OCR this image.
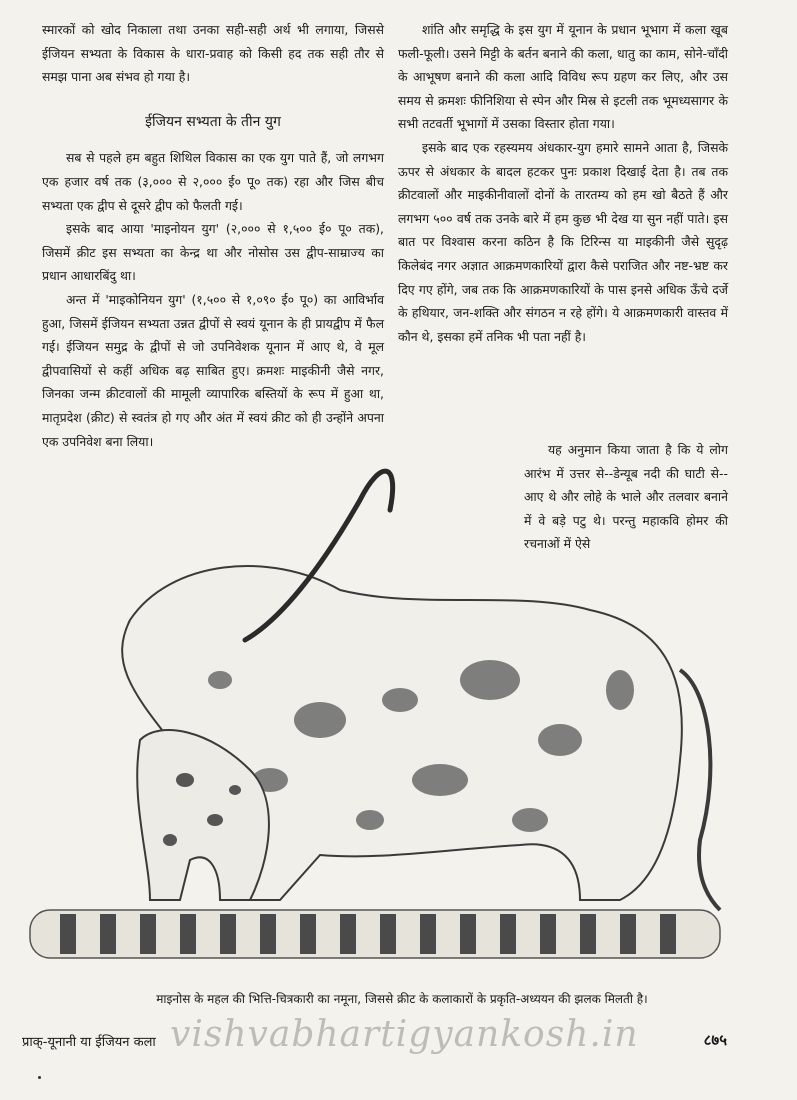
स्मारकों को खोद निकाला तथा उनका सही-सही अर्थ भी लगाया, जिससे ईजियन सभ्यता के विकास के धारा-प्रवाह को किसी हद तक सही तौर से समझ पाना अब संभव हो गया है।

ईजियन सभ्यता के तीन युग

सब से पहले हम बहुत शिथिल विकास का एक युग पाते हैं, जो लगभग एक हजार वर्ष तक (३,००० से २,००० ई० पू० तक) रहा और जिस बीच सभ्यता एक द्वीप से दूसरे द्वीप को फैलती गई।

इसके बाद आया 'माइनोयन युग' (२,००० से १,५०० ई० पू० तक), जिसमें क्रीट इस सभ्यता का केन्द्र था और नोसोस उस द्वीप-साम्राज्य का प्रधान आधारबिंदु था।

अन्त में 'माइकोनियन युग' (१,५०० से १,०९० ई० पू०) का आविर्भाव हुआ, जिसमें ईजियन सभ्यता उन्नत द्वीपों से स्वयं यूनान के ही प्रायद्वीप में फैल गई। ईजियन समुद्र के द्वीपों से जो उपनिवेशक यूनान में आए थे, वे मूल द्वीपवासियों से कहीं अधिक बढ़ साबित हुए। क्रमशः माइकीनी जैसे नगर, जिनका जन्म क्रीटवालों की मामूली व्यापारिक बस्तियों के रूप में हुआ था, मातृप्रदेश (क्रीट) से स्वतंत्र हो गए और अंत में स्वयं क्रीट को ही उन्होंने अपना एक उपनिवेश बना लिया।

शांति और समृद्धि के इस युग में यूनान के प्रधान भूभाग में कला खूब फली-फूली। उसने मिट्टी के बर्तन बनाने की कला, धातु का काम, सोने-चाँदी के आभूषण बनाने की कला आदि विविध रूप ग्रहण कर लिए, और उस समय से क्रमशः फीनिशिया से स्पेन और मिस्र से इटली तक भूमध्यसागर के सभी तटवर्ती भूभागों में उसका विस्तार होता गया।

इसके बाद एक रहस्यमय अंधकार-युग हमारे सामने आता है, जिसके ऊपर से अंधकार के बादल हटकर पुनः प्रकाश दिखाई देता है। तब तक क्रीटवालों और माइकीनीवालों दोनों के तारतम्य को हम खो बैठते हैं और लगभग ५०० वर्ष तक उनके बारे में हम कुछ भी देख या सुन नहीं पाते। इस बात पर विश्वास करना कठिन है कि टिरिन्स या माइकीनी जैसे सुदृढ़ किलेबंद नगर अज्ञात आक्रमणकारियों द्वारा कैसे पराजित और नष्ट-भ्रष्ट कर दिए गए होंगे, जब तक कि आक्रमणकारियों के पास इनसे अधिक ऊँचे दर्जे के हथियार, जन-शक्ति और संगठन न रहे होंगे। ये आक्रमणकारी वास्तव में कौन थे, इसका हमें तनिक भी पता नहीं है।

यह अनुमान किया जाता है कि ये लोग आरंभ में उत्तर से--डेन्यूब नदी की घाटी से--आए थे और लोहे के भाले और तलवार बनाने में वे बड़े पटु थे। परन्तु महाकवि होमर की रचनाओं में ऐसे

माइनोस के महल की भित्ति-चित्रकारी का नमूना, जिससे क्रीट के कलाकारों के प्रकृति-अध्ययन की झलक मिलती है।
vishvabhartigyankosh.in
प्राक्-यूनानी या ईजियन कला	८७५
